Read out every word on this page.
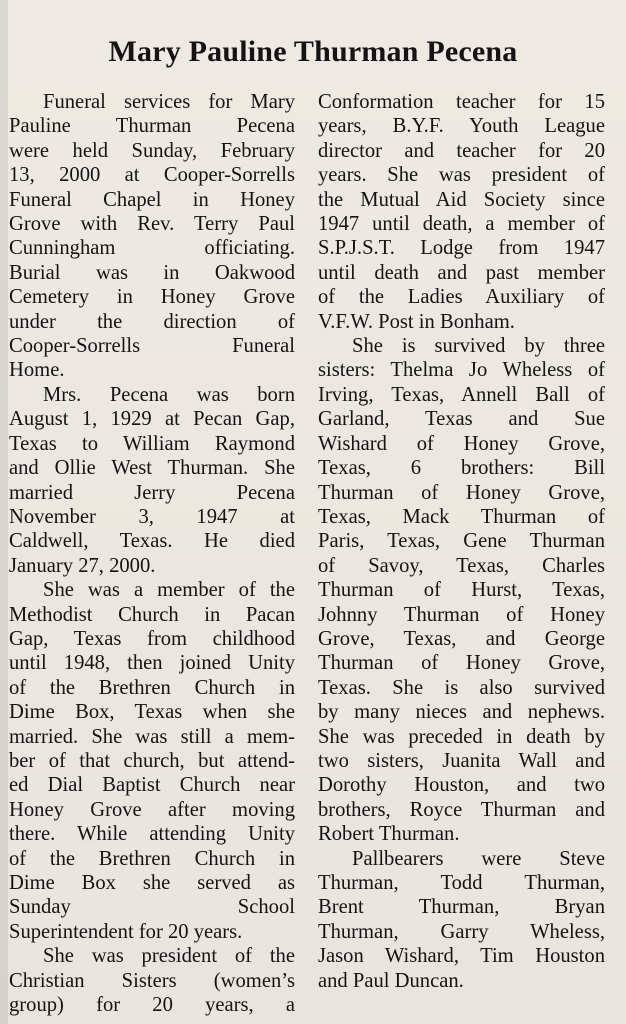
Mary Pauline Thurman Pecena
Funeral services for Mary
Pauline Thurman Pecena
were held Sunday, February
13, 2000 at Cooper-Sorrells
Funeral Chapel in Honey
Grove with Rev. Terry Paul
Cunningham officiating.
Burial was in Oakwood
Cemetery in Honey Grove
under the direction of
Cooper-Sorrells Funeral
Home.
Mrs. Pecena was born
August 1, 1929 at Pecan Gap,
Texas to William Raymond
and Ollie West Thurman. She
married Jerry Pecena
November 3, 1947 at
Caldwell, Texas. He died
January 27, 2000.
She was a member of the
Methodist Church in Pacan
Gap, Texas from childhood
until 1948, then joined Unity
of the Brethren Church in
Dime Box, Texas when she
married. She was still a mem-
ber of that church, but attend-
ed Dial Baptist Church near
Honey Grove after moving
there. While attending Unity
of the Brethren Church in
Dime Box she served as
Sunday School
Superintendent for 20 years.
She was president of the
Christian Sisters (women’s
group) for 20 years, a
Conformation teacher for 15
years, B.Y.F. Youth League
director and teacher for 20
years. She was president of
the Mutual Aid Society since
1947 until death, a member of
S.P.J.S.T. Lodge from 1947
until death and past member
of the Ladies Auxiliary of
V.F.W. Post in Bonham.
She is survived by three
sisters: Thelma Jo Wheless of
Irving, Texas, Annell Ball of
Garland, Texas and Sue
Wishard of Honey Grove,
Texas, 6 brothers: Bill
Thurman of Honey Grove,
Texas, Mack Thurman of
Paris, Texas, Gene Thurman
of Savoy, Texas, Charles
Thurman of Hurst, Texas,
Johnny Thurman of Honey
Grove, Texas, and George
Thurman of Honey Grove,
Texas. She is also survived
by many nieces and nephews.
She was preceded in death by
two sisters, Juanita Wall and
Dorothy Houston, and two
brothers, Royce Thurman and
Robert Thurman.
Pallbearers were Steve
Thurman, Todd Thurman,
Brent Thurman, Bryan
Thurman, Garry Wheless,
Jason Wishard, Tim Houston
and Paul Duncan.
